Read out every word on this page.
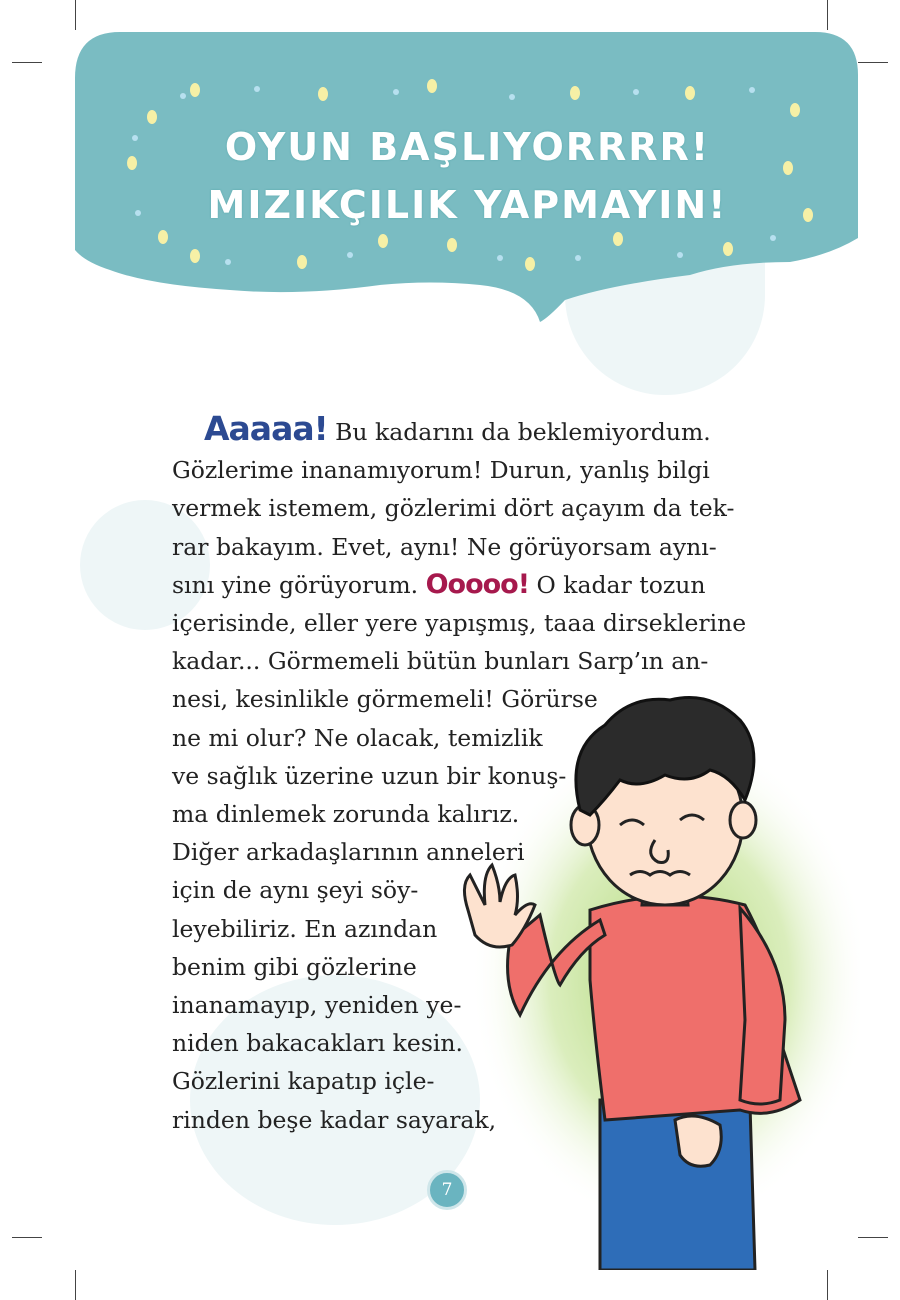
OYUN BAŞLIYORRRR!
MIZIKÇILIK YAPMAYIN!
Aaaaa! Bu kadarını da beklemiyordum.
Gözlerime inanamıyorum! Durun, yanlış bilgi
vermek istemem, gözlerimi dört açayım da tek-
rar bakayım. Evet, aynı! Ne görüyorsam aynı-
sını yine görüyorum. Ooooo! O kadar tozun
içerisinde, eller yere yapışmış, taaa dirseklerine
kadar... Görmemeli bütün bunları Sarp’ın an-
nesi, kesinlikle görmemeli! Görürse
ne mi olur? Ne olacak, temizlik
ve sağlık üzerine uzun bir konuş-
ma dinlemek zorunda kalırız.
Diğer arkadaşlarının anneleri
için de aynı şeyi söy-
leyebiliriz. En azından
benim gibi gözlerine
inanamayıp, yeniden ye-
niden bakacakları kesin.
Gözlerini kapatıp içle-
rinden beşe kadar sayarak,
7
